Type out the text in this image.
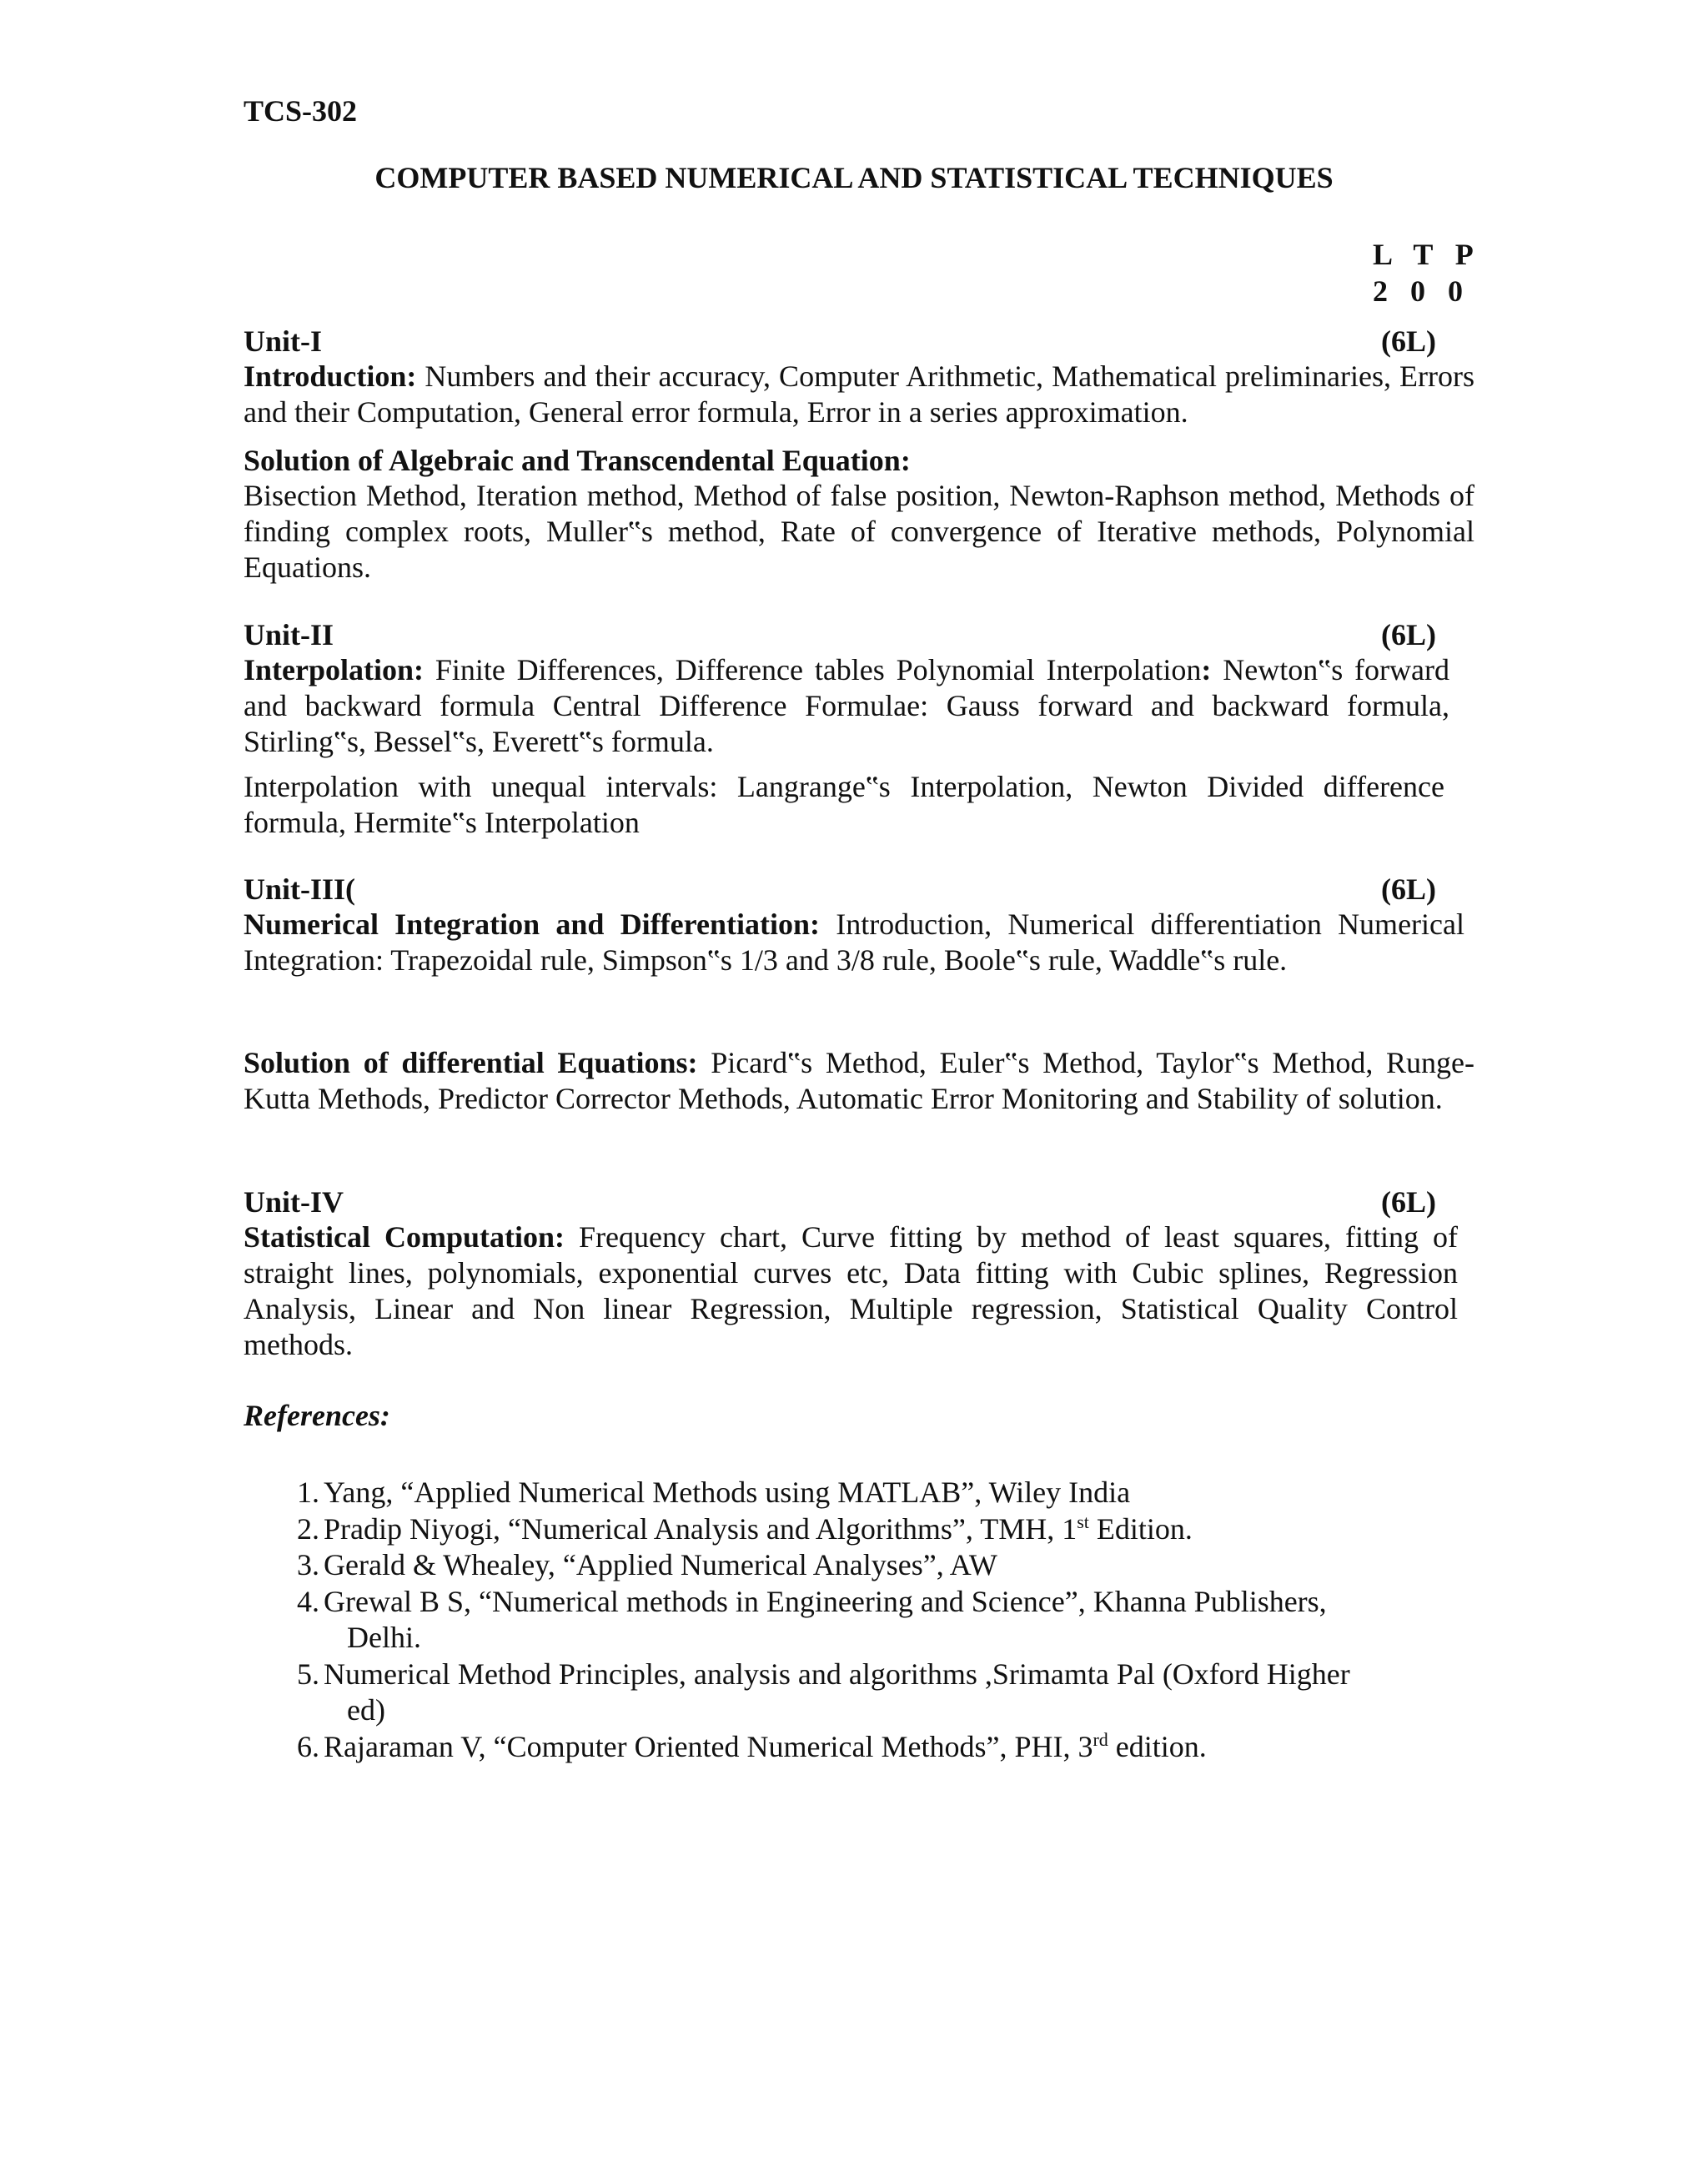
TCS-302
COMPUTER BASED NUMERICAL AND STATISTICAL TECHNIQUES
L T P
2 0 0
Unit-I	(6L)

Introduction: Numbers and their accuracy, Computer Arithmetic, Mathematical preliminaries, Errors and their Computation, General error formula, Error in a series approximation.

Solution of Algebraic and Transcendental Equation:

Bisection Method, Iteration method, Method of false position, Newton-Raphson method, Methods of finding complex roots, Muller‟s method, Rate of convergence of Iterative methods, Polynomial Equations.

Unit-II	(6L)

Interpolation: Finite Differences, Difference tables Polynomial Interpolation: Newton‟s forward and backward formula Central Difference Formulae: Gauss forward and backward formula, Stirling‟s, Bessel‟s, Everett‟s formula.

Interpolation with unequal intervals: Langrange‟s Interpolation, Newton Divided difference formula, Hermite‟s Interpolation

Unit-III(	(6L)

Numerical Integration and Differentiation: Introduction, Numerical differentiation Numerical Integration: Trapezoidal rule, Simpson‟s 1/3 and 3/8 rule, Boole‟s rule, Waddle‟s rule.

Solution of differential Equations: Picard‟s Method, Euler‟s Method, Taylor‟s Method, Runge-Kutta Methods, Predictor Corrector Methods, Automatic Error Monitoring and Stability of solution.

Unit-IV	(6L)

Statistical Computation: Frequency chart, Curve fitting by method of least squares, fitting of straight lines, polynomials, exponential curves etc, Data fitting with Cubic splines, Regression Analysis, Linear and Non linear Regression, Multiple regression, Statistical Quality Control methods.

References:
1. Yang, “Applied Numerical Methods using MATLAB”, Wiley India
2. Pradip Niyogi, “Numerical Analysis and Algorithms”, TMH, 1st Edition.
3. Gerald & Whealey, “Applied Numerical Analyses”, AW
4. Grewal B S, “Numerical methods in Engineering and Science”, Khanna Publishers,
Delhi.
5. Numerical Method Principles, analysis and algorithms ,Srimamta Pal (Oxford Higher
ed)
6. Rajaraman V, “Computer Oriented Numerical Methods”, PHI, 3rd edition.
